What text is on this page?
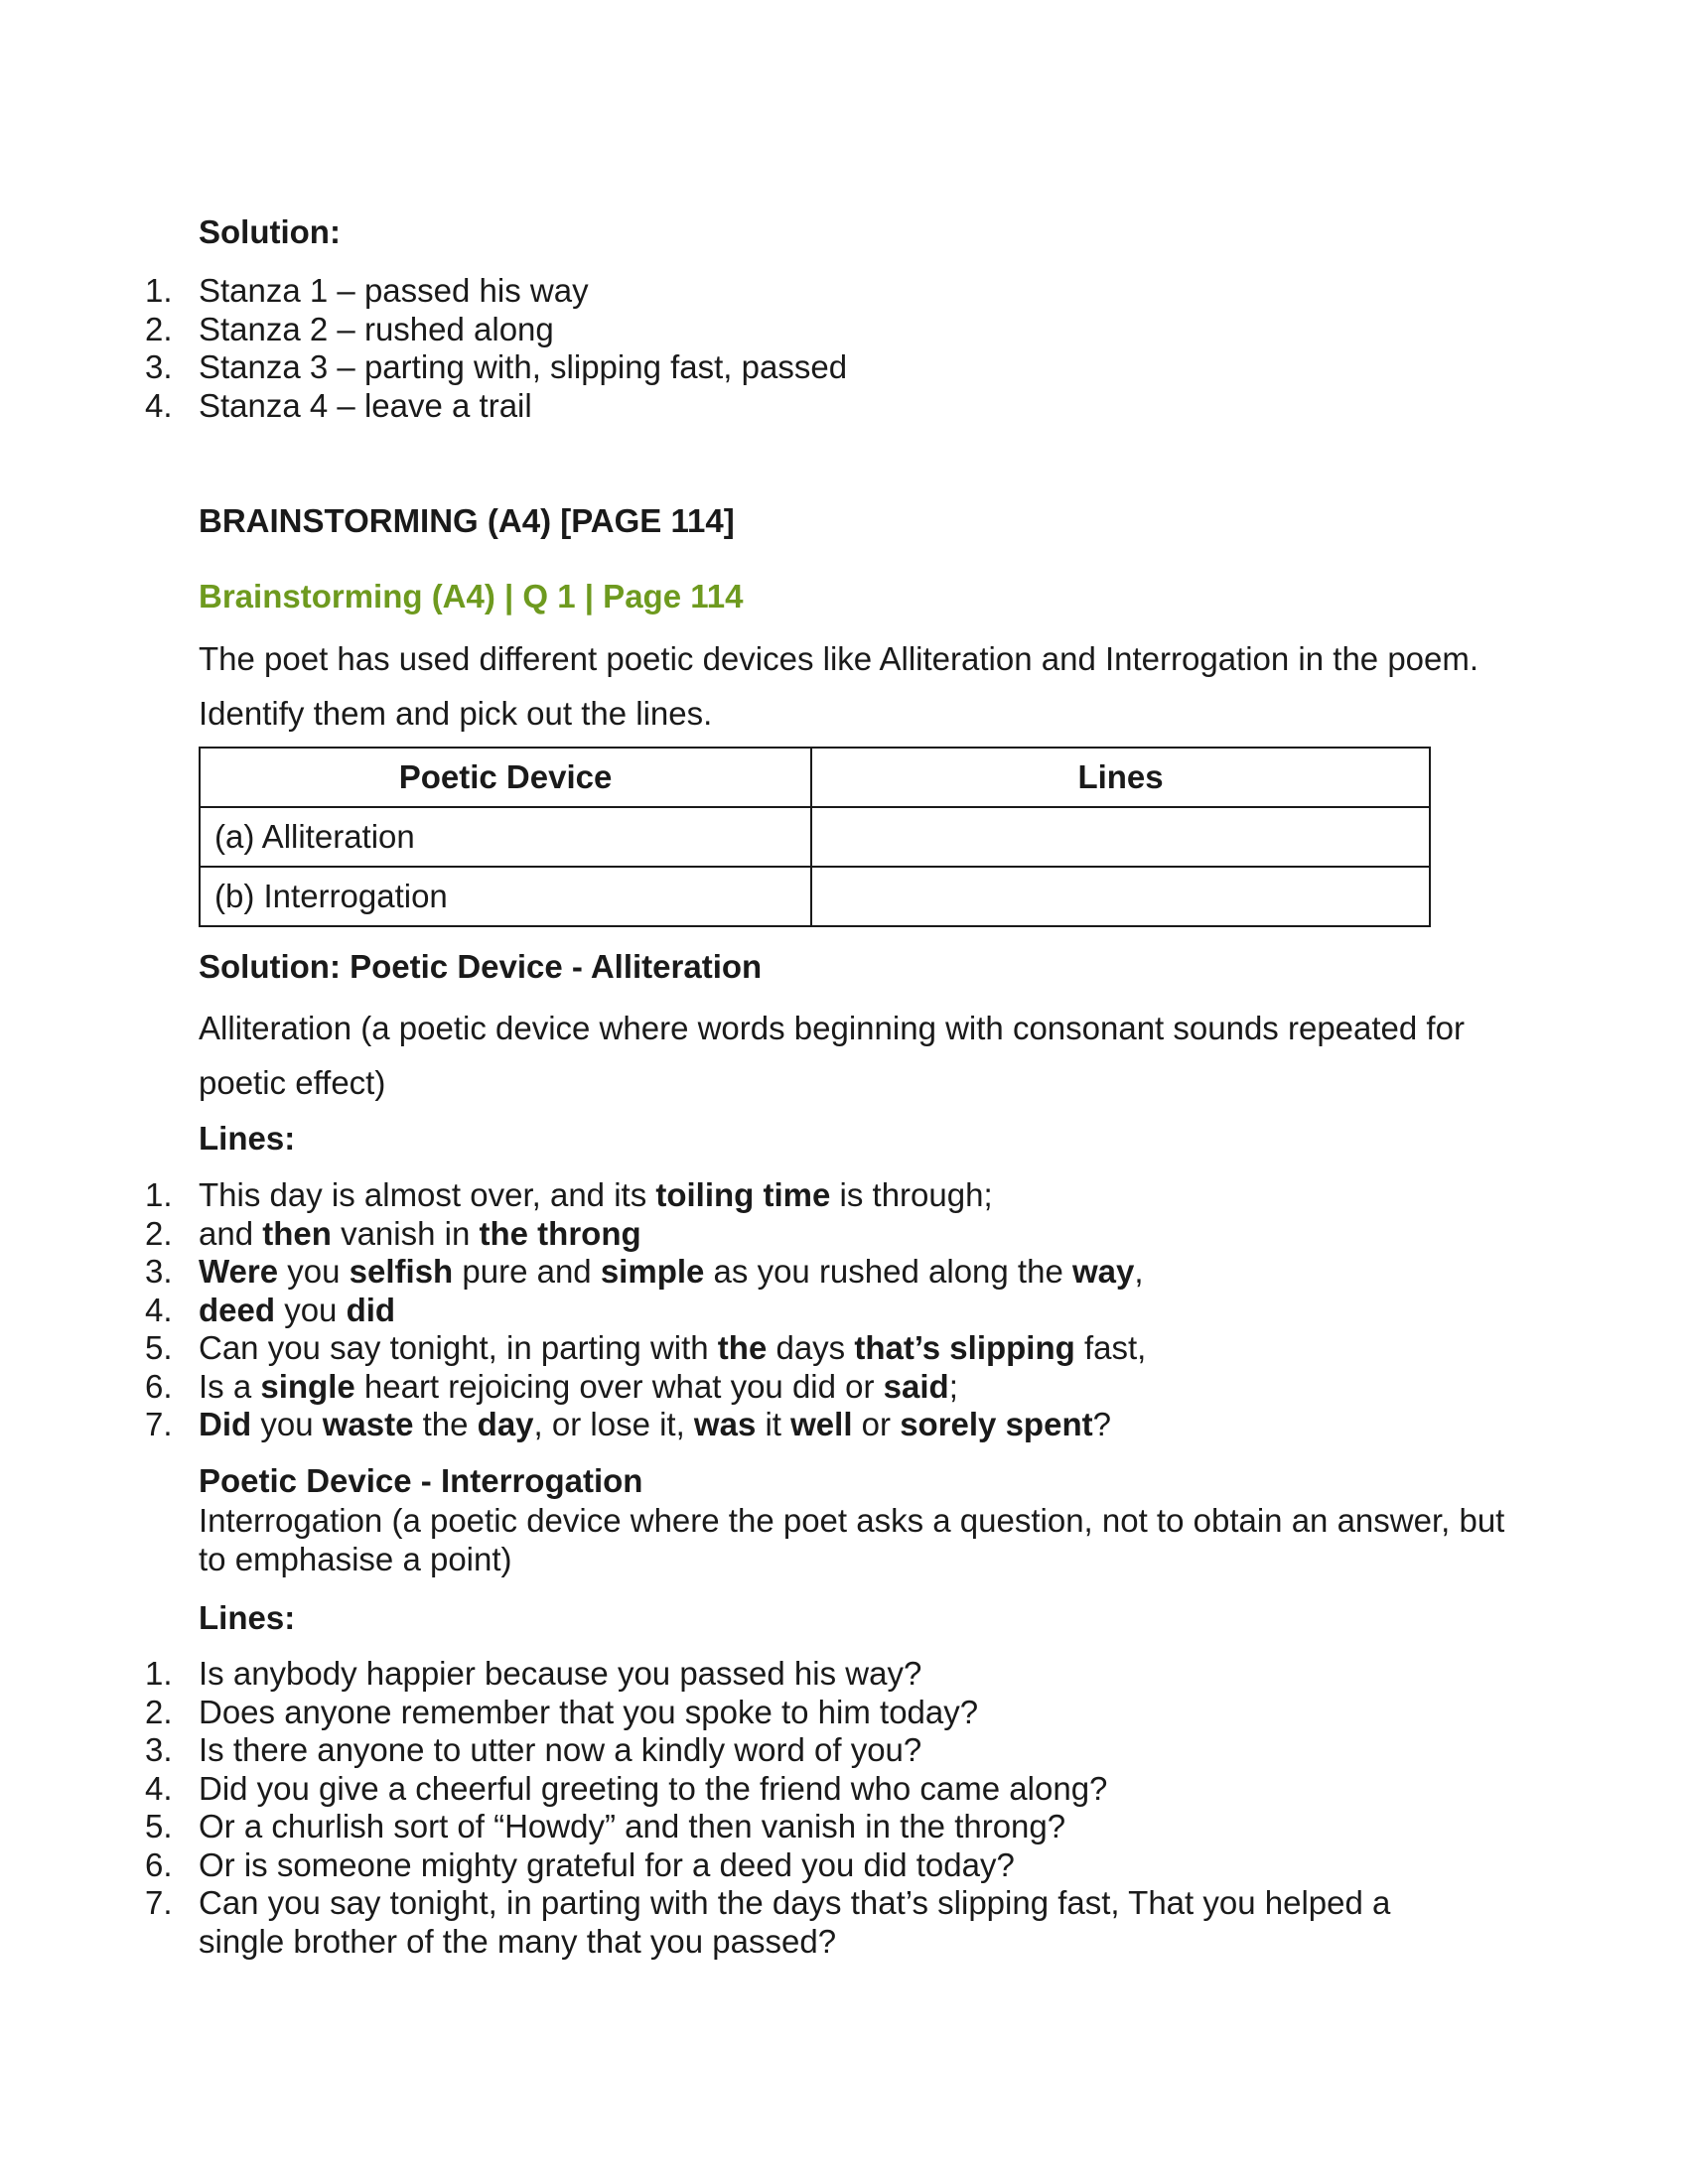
Solution:
1. Stanza 1 – passed his way
2. Stanza 2 – rushed along
3. Stanza 3 – parting with, slipping fast, passed
4. Stanza 4 – leave a trail
BRAINSTORMING (A4) [PAGE 114]
Brainstorming (A4) | Q 1 | Page 114
The poet has used different poetic devices like Alliteration and Interrogation in the poem. Identify them and pick out the lines.
Poetic Device	Lines
(a) Alliteration	
(b) Interrogation	
Solution: Poetic Device - Alliteration
Alliteration (a poetic device where words beginning with consonant sounds repeated for poetic effect)
Lines:
1. This day is almost over, and its toiling time is through;
2. and then vanish in the throng
3. Were you selfish pure and simple as you rushed along the way,
4. deed you did
5. Can you say tonight, in parting with the days that’s slipping fast,
6. Is a single heart rejoicing over what you did or said;
7. Did you waste the day, or lose it, was it well or sorely spent?
Poetic Device - Interrogation
Interrogation (a poetic device where the poet asks a question, not to obtain an answer, but to emphasise a point)
Lines:
1. Is anybody happier because you passed his way?
2. Does anyone remember that you spoke to him today?
3. Is there anyone to utter now a kindly word of you?
4. Did you give a cheerful greeting to the friend who came along?
5. Or a churlish sort of “Howdy” and then vanish in the throng?
6. Or is someone mighty grateful for a deed you did today?
7. Can you say tonight, in parting with the days that’s slipping fast, That you helped a single brother of the many that you passed?
